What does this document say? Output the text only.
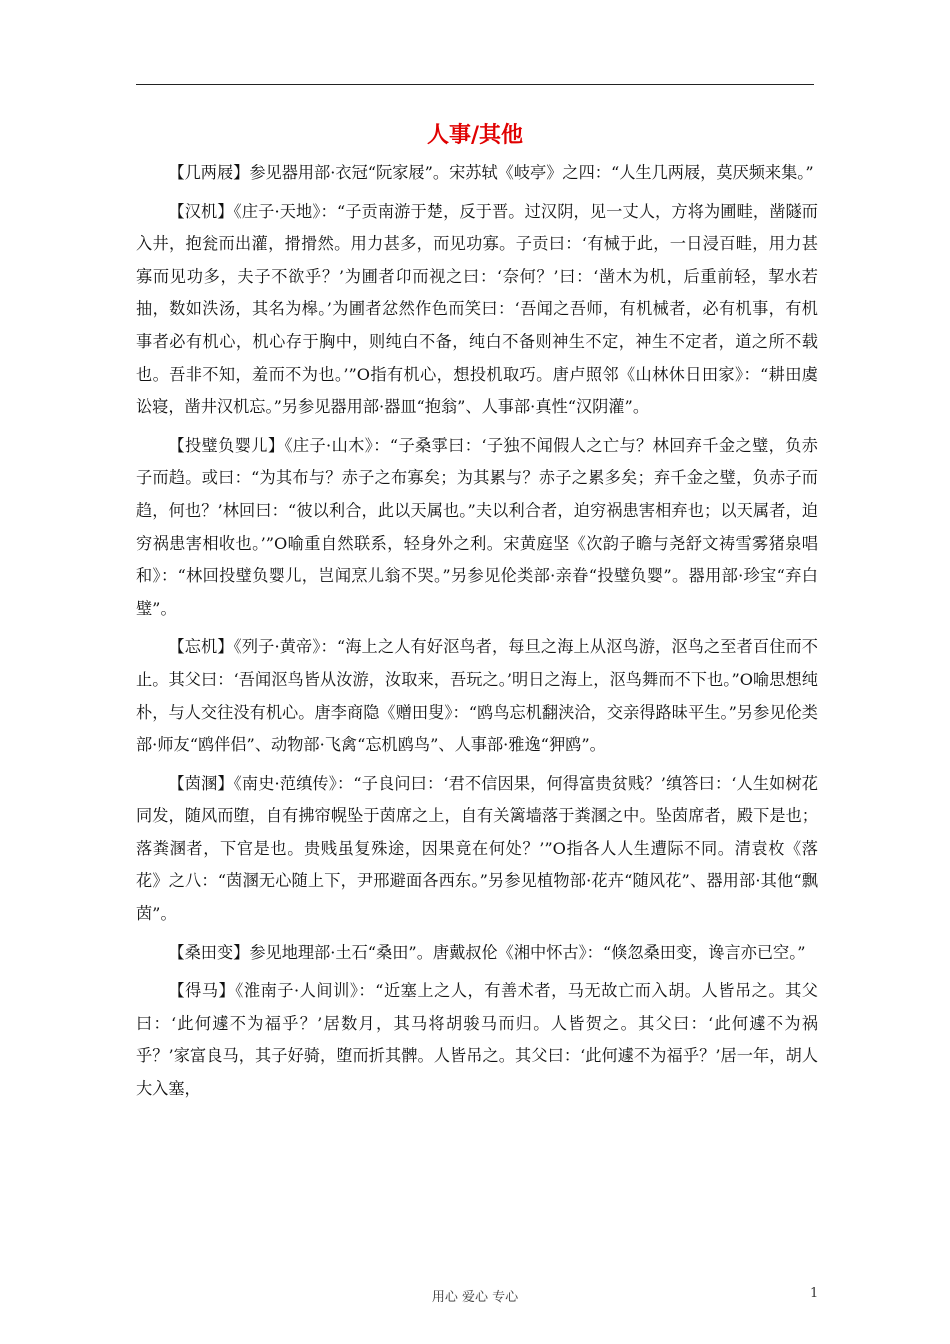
人事/其他

【几两屐】参见器用部·衣冠“阮家屐”。宋苏轼《岐亭》之四：“人生几两屐，莫厌频来集。”

【汉机】《庄子·天地》：“子贡南游于楚，反于晋。过汉阴，见一丈人，方将为圃畦，凿隧而入井，抱瓮而出灌，搰搰然。用力甚多，而见功寡。子贡曰：‘有械于此，一日浸百畦，用力甚寡而见功多，夫子不欲乎？’为圃者卬而视之曰：‘奈何？’曰：‘凿木为机，后重前轻，挈水若抽，数如泆汤，其名为槔。’为圃者忿然作色而笑曰：‘吾闻之吾师，有机械者，必有机事，有机事者必有机心，机心存于胸中，则纯白不备，纯白不备则神生不定，神生不定者，道之所不载也。吾非不知，羞而不为也。’”О指有机心，想投机取巧。唐卢照邻《山林休日田家》：“耕田虞讼寝，凿井汉机忘。”另参见器用部·器皿“抱翁”、人事部·真性“汉阴灌”。

【投璧负婴儿】《庄子·山木》：“子桑雽曰：‘子独不闻假人之亡与？林回弃千金之璧，负赤子而趋。或曰：“为其布与？赤子之布寡矣；为其累与？赤子之累多矣；弃千金之璧，负赤子而趋，何也？’林回曰：“彼以利合，此以天属也。”夫以利合者，迫穷祸患害相弃也；以天属者，迫穷祸患害相收也。’”О喻重自然联系，轻身外之利。宋黄庭坚《次韵子瞻与尧舒文祷雪雾猪泉唱和》：“林回投璧负婴儿，岂闻烹儿翁不哭。”另参见伦类部·亲眷“投璧负婴”。器用部·珍宝“弃白璧”。

【忘机】《列子·黄帝》：“海上之人有好沤鸟者，每旦之海上从沤鸟游，沤鸟之至者百住而不止。其父曰：‘吾闻沤鸟皆从汝游，汝取来，吾玩之。’明日之海上，沤鸟舞而不下也。”О喻思想纯朴，与人交往没有机心。唐李商隐《赠田叟》：“鸥鸟忘机翻浃洽，交亲得路昧平生。”另参见伦类部·师友“鸥伴侣”、动物部·飞禽“忘机鸥鸟”、人事部·雅逸“狎鸥”。

【茵溷】《南史·范缜传》：“子良问曰：‘君不信因果，何得富贵贫贱？’缜答曰：‘人生如树花同发，随风而堕，自有拂帘幌坠于茵席之上，自有关篱墙落于粪溷之中。坠茵席者，殿下是也；落粪溷者，下官是也。贵贱虽复殊途，因果竟在何处？’”О指各人人生遭际不同。清袁枚《落花》之八：“茵溷无心随上下，尹邢避面各西东。”另参见植物部·花卉“随风花”、器用部·其他“飘茵”。

【桑田变】参见地理部·土石“桑田”。唐戴叔伦《湘中怀古》：“倏忽桑田变，谗言亦已空。”

【得马】《淮南子·人间训》：“近塞上之人，有善术者，马无故亡而入胡。人皆吊之。其父曰：‘此何遽不为福乎？’居数月，其马将胡骏马而归。人皆贺之。其父曰：‘此何遽不为祸乎？’家富良马，其子好骑，堕而折其髀。人皆吊之。其父曰：‘此何遽不为福乎？’居一年，胡人大入塞，

用心 爱心 专心	1
